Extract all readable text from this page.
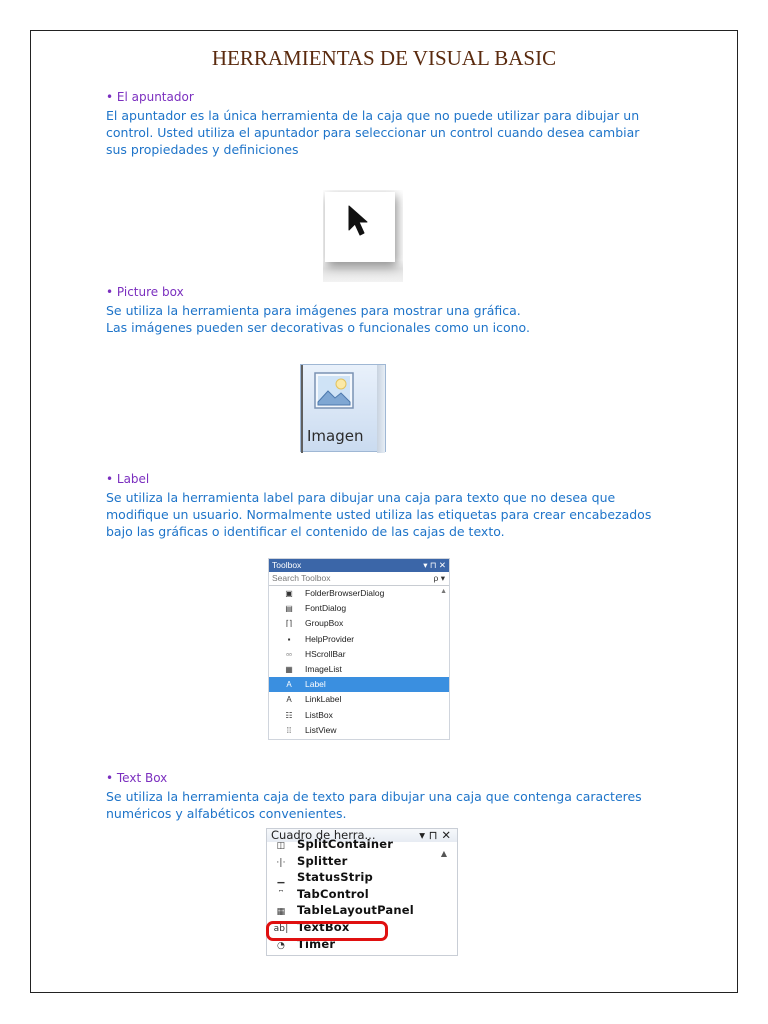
HERRAMIENTAS DE VISUAL BASIC
• El apuntador
El apuntador es la única herramienta de la caja que no puede utilizar para dibujar un
control. Usted utiliza el apuntador para seleccionar un control cuando desea cambiar
sus propiedades y definiciones
• Picture box
Se utiliza la herramienta para imágenes para mostrar una gráfica.
Las imágenes pueden ser decorativas o funcionales como un icono.
Imagen
• Label
Se utiliza la herramienta label para dibujar una caja para texto que no desea que
modifique un usuario. Normalmente usted utiliza las etiquetas para crear encabezados
bajo las gráficas o identificar el contenido de las cajas de texto.
Toolbox	▾ ⊓ ✕
Search Toolbox	ρ ▾
▲
▣ FolderBrowserDialog
▤ FontDialog
⌈⌉ GroupBox
▪ HelpProvider
▫▫ HScrollBar
▦ ImageList
A Label
A LinkLabel
☷ ListBox
⁞⁞ ListView
• Text Box
Se utiliza la herramienta caja de texto para dibujar una caja que contenga caracteres
numéricos y alfabéticos convenientes.
Cuadro de herra...	▾ ⊓ ✕
▲
◫ SplitContainer
·|· Splitter
▁ StatusStrip
⎴ TabControl
▦ TableLayoutPanel
ab| TextBox
◔ Timer
